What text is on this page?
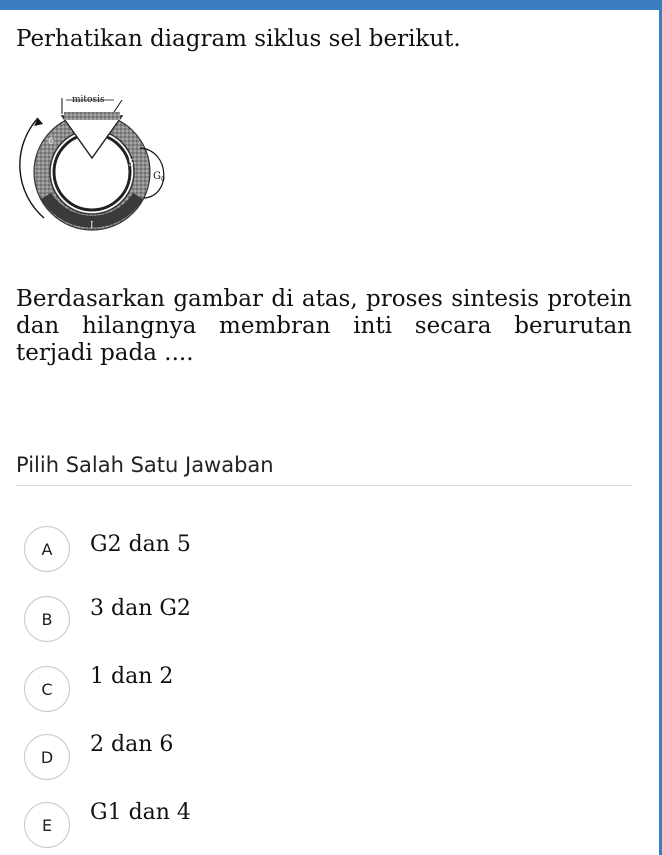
Perhatikan diagram siklus sel berikut.

mitosis
$G_0$
6
5
1
I

Berdasarkan gambar di atas, proses sintesis protein dan hilangnya membran inti secara berurutan terjadi pada ....

Pilih Salah Satu Jawaban
A	G2 dan 5
B	3 dan G2
C	1 dan 2
D	2 dan 6
E	G1 dan 4
